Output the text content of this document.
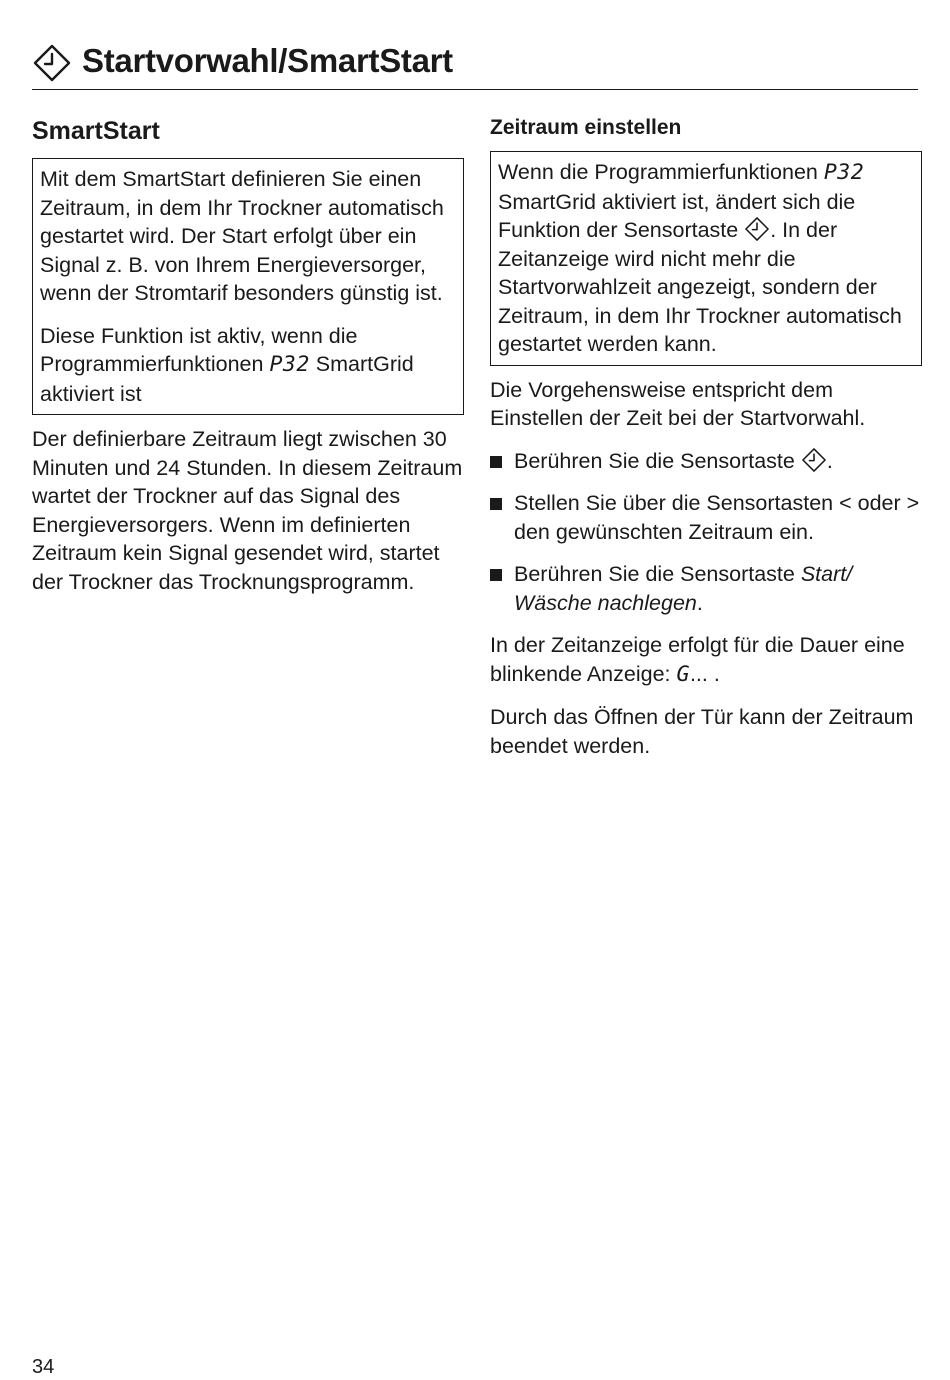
Startvorwahl/SmartStart
SmartStart

Mit dem SmartStart definieren Sie einen Zeitraum, in dem Ihr Trockner automatisch gestartet wird. Der Start erfolgt über ein Signal z. B. von Ihrem Energieversorger, wenn der Stromtarif besonders günstig ist.

Diese Funktion ist aktiv, wenn die Programmierfunktionen P32 SmartGrid aktiviert ist

Der definierbare Zeitraum liegt zwischen 30 Minuten und 24 Stunden. In diesem Zeitraum wartet der Trockner auf das Signal des Energieversorgers. Wenn im definierten Zeitraum kein Signal gesendet wird, startet der Trockner das Trocknungsprogramm.

Zeitraum einstellen

Wenn die Programmierfunktionen P32 SmartGrid aktiviert ist, ändert sich die Funktion der Sensortaste . In der Zeitanzeige wird nicht mehr die Startvorwahlzeit angezeigt, sondern der Zeitraum, in dem Ihr Trockner automatisch gestartet werden kann.

Die Vorgehensweise entspricht dem Einstellen der Zeit bei der Startvorwahl.

Berühren Sie die Sensortaste .
Stellen Sie über die Sensortasten < oder > den gewünschten Zeitraum ein.
Berühren Sie die Sensortaste Start/ Wäsche nachlegen.

In der Zeitanzeige erfolgt für die Dauer eine blinkende Anzeige: G... .

Durch das Öffnen der Tür kann der Zeitraum beendet werden.

34
